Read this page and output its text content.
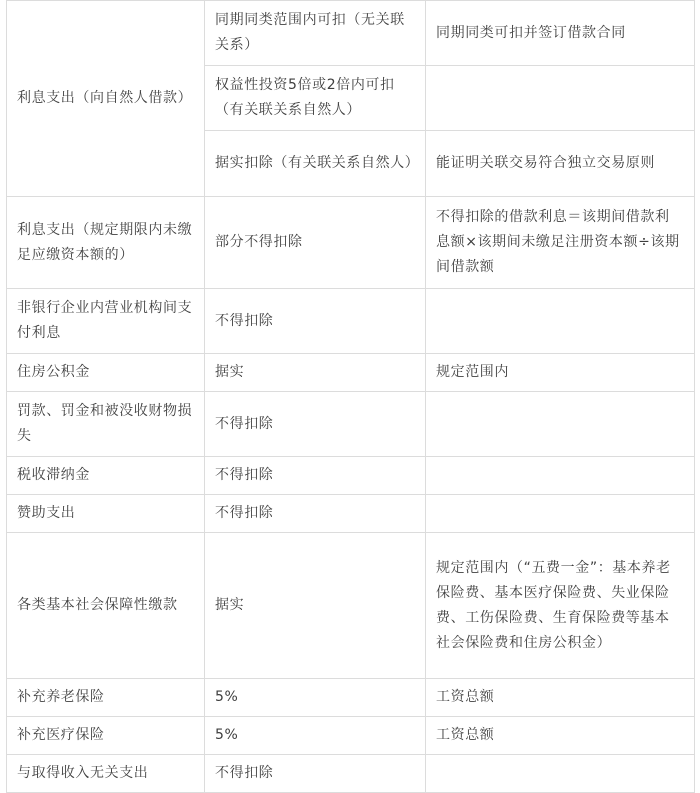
利息支出（向自然人借款）	同期同类范围内可扣（无关联关系）	同期同类可扣并签订借款合同
	权益性投资5倍或2倍内可扣（有关联关系自然人）	
	据实扣除（有关联关系自然人）	能证明关联交易符合独立交易原则
利息支出（规定期限内未缴足应缴资本额的）	部分不得扣除	不得扣除的借款利息＝该期间借款利息额×该期间未缴足注册资本额÷该期间借款额
非银行企业内营业机构间支付利息	不得扣除	
住房公积金	据实	规定范围内
罚款、罚金和被没收财物损失	不得扣除	
税收滞纳金	不得扣除	
赞助支出	不得扣除	
各类基本社会保障性缴款	据实	规定范围内（“五费一金”：基本养老保险费、基本医疗保险费、失业保险费、工伤保险费、生育保险费等基本社会保险费和住房公积金）
补充养老保险	5%	工资总额
补充医疗保险	5%	工资总额
与取得收入无关支出	不得扣除	
